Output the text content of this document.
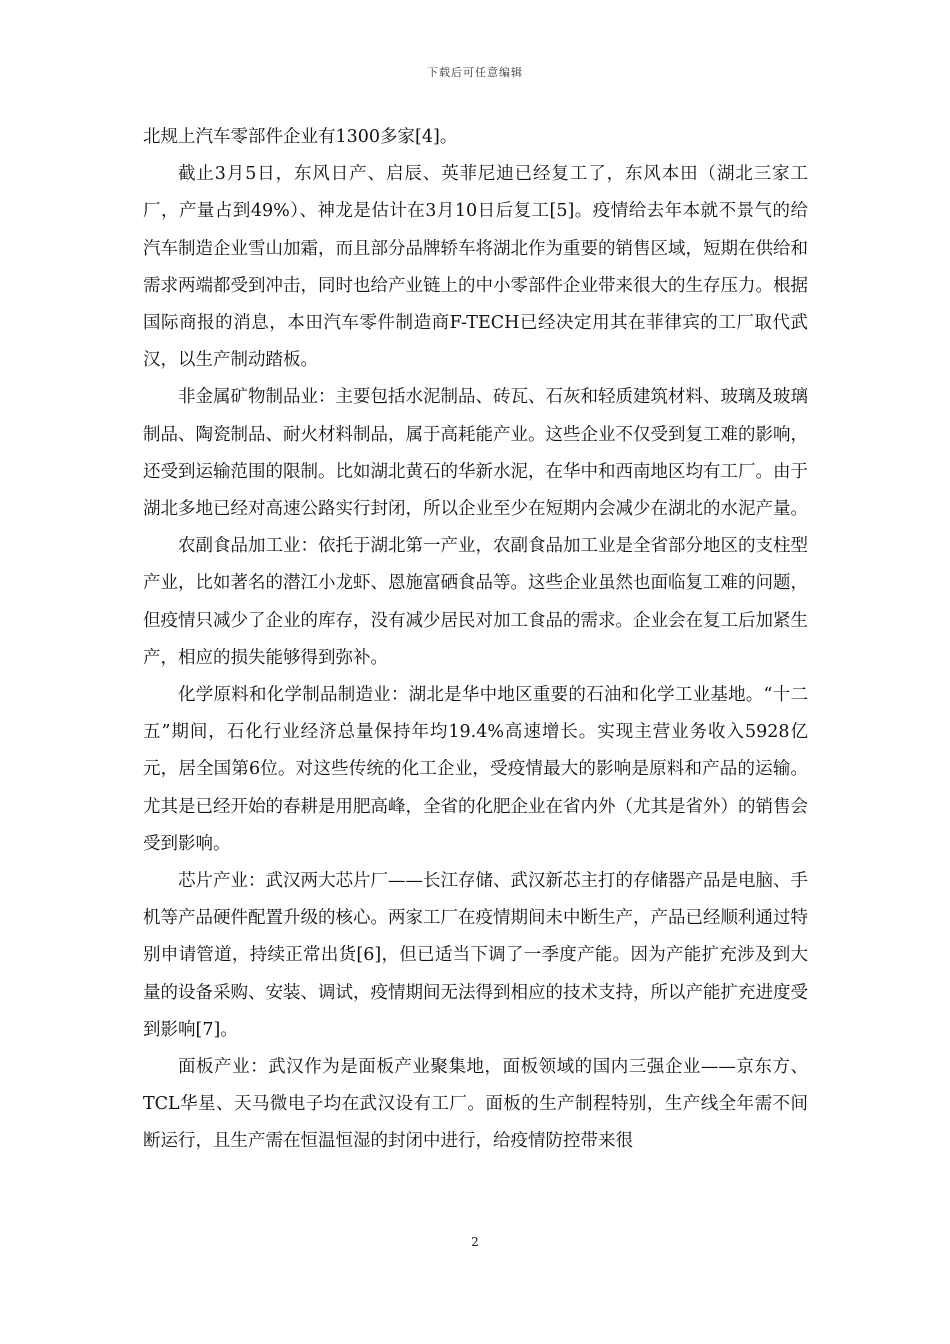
下载后可任意编辑

北规上汽车零部件企业有1300多家[4]。

截止3月5日，东风日产、启辰、英菲尼迪已经复工了，东风本田（湖北三家工厂，产量占到49%）、神龙是估计在3月10日后复工[5]。疫情给去年本就不景气的给汽车制造企业雪山加霜，而且部分品牌轿车将湖北作为重要的销售区域，短期在供给和需求两端都受到冲击，同时也给产业链上的中小零部件企业带来很大的生存压力。根据国际商报的消息，本田汽车零件制造商F-TECH已经决定用其在菲律宾的工厂取代武汉，以生产制动踏板。

非金属矿物制品业：主要包括水泥制品、砖瓦、石灰和轻质建筑材料、玻璃及玻璃制品、陶瓷制品、耐火材料制品，属于高耗能产业。这些企业不仅受到复工难的影响，还受到运输范围的限制。比如湖北黄石的华新水泥，在华中和西南地区均有工厂。由于湖北多地已经对高速公路实行封闭，所以企业至少在短期内会减少在湖北的水泥产量。

农副食品加工业：依托于湖北第一产业，农副食品加工业是全省部分地区的支柱型产业，比如著名的潜江小龙虾、恩施富硒食品等。这些企业虽然也面临复工难的问题，但疫情只减少了企业的库存，没有减少居民对加工食品的需求。企业会在复工后加紧生产，相应的损失能够得到弥补。

化学原料和化学制品制造业：湖北是华中地区重要的石油和化学工业基地。“十二五”期间，石化行业经济总量保持年均19.4%高速增长。实现主营业务收入5928亿元，居全国第6位。对这些传统的化工企业，受疫情最大的影响是原料和产品的运输。尤其是已经开始的春耕是用肥高峰，全省的化肥企业在省内外（尤其是省外）的销售会受到影响。

芯片产业：武汉两大芯片厂——长江存储、武汉新芯主打的存储器产品是电脑、手机等产品硬件配置升级的核心。两家工厂在疫情期间未中断生产，产品已经顺利通过特别申请管道，持续正常出货[6]，但已适当下调了一季度产能。因为产能扩充涉及到大量的设备采购、安装、调试，疫情期间无法得到相应的技术支持，所以产能扩充进度受到影响[7]。

面板产业：武汉作为是面板产业聚集地，面板领域的国内三强企业——京东方、TCL华星、天马微电子均在武汉设有工厂。面板的生产制程特别，生产线全年需不间断运行，且生产需在恒温恒湿的封闭中进行，给疫情防控带来很

2
